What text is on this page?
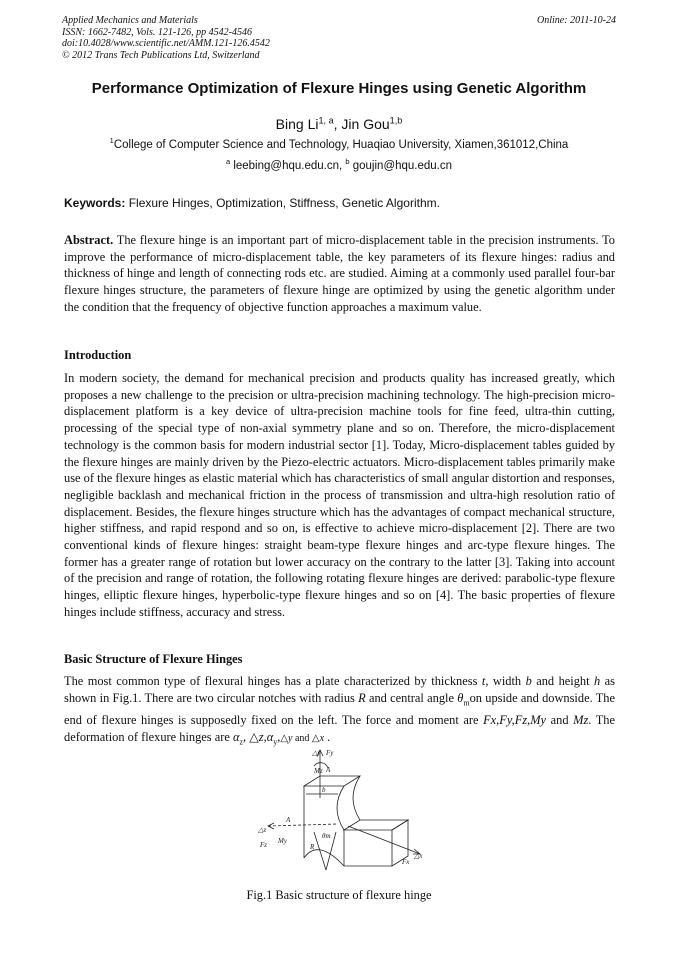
Applied Mechanics and Materials
ISSN: 1662-7482, Vols. 121-126, pp 4542-4546
doi:10.4028/www.scientific.net/AMM.121-126.4542
© 2012 Trans Tech Publications Ltd, Switzerland
Online: 2011-10-24
Performance Optimization of Flexure Hinges using Genetic Algorithm
Bing Li$^{1, a}$, Jin Gou$^{1,b}$
$^1$College of Computer Science and Technology, Huaqiao University, Xiamen,361012,China
$^a$ leebing@hqu.edu.cn, $^b$ goujin@hqu.edu.cn
Keywords: Flexure Hinges, Optimization, Stiffness, Genetic Algorithm.
Abstract. The flexure hinge is an important part of micro-displacement table in the precision instruments. To improve the performance of micro-displacement table, the key parameters of its flexure hinges: radius and thickness of hinge and length of connecting rods etc. are studied. Aiming at a commonly used parallel four-bar flexure hinges structure, the parameters of flexure hinge are optimized by using the genetic algorithm under the condition that the frequency of objective function approaches a maximum value.
Introduction
In modern society, the demand for mechanical precision and products quality has increased greatly, which proposes a new challenge to the precision or ultra-precision machining technology. The high-precision micro-displacement platform is a key device of ultra-precision machine tools for fine feed, ultra-thin cutting, processing of the special type of non-axial symmetry plane and so on. Therefore, the micro-displacement technology is the common basis for modern industrial sector [1]. Today, Micro-displacement tables guided by the flexure hinges are mainly driven by the Piezo-electric actuators. Micro-displacement tables primarily make use of the flexure hinges as elastic material which has characteristics of small angular distortion and responses, negligible backlash and mechanical friction in the process of transmission and ultra-high resolution ratio of displacement. Besides, the flexure hinges structure which has the advantages of compact mechanical structure, higher stiffness, and rapid respond and so on, is effective to achieve micro-displacement [2]. There are two conventional kinds of flexure hinges: straight beam-type flexure hinges and arc-type flexure hinges. The former has a greater range of rotation but lower accuracy on the contrary to the latter [3]. Taking into account of the precision and range of rotation, the following rotating flexure hinges are derived: parabolic-type flexure hinges, elliptic flexure hinges, hyperbolic-type flexure hinges and so on [4]. The basic properties of flexure hinges include stiffness, accuracy and stress.
Basic Structure of Flexure Hinges
The most common type of flexural hinges has a plate characterized by thickness t, width b and height h as shown in Fig.1. There are two circular notches with radius R and central angle $\theta_mon$ upside and downside. The end of flexure hinges is supposedly fixed on the left. The force and moment are Fx,Fy,Fz,My and Mz. The deformation of flexure hinges are $\alpha_z$, $\triangle z,\alpha_y,\triangle y$ and △x .
△y Fy
Mz A
b
△z
A
Fz My
R
θm
△x
Fx
Fig.1 Basic structure of flexure hinge
